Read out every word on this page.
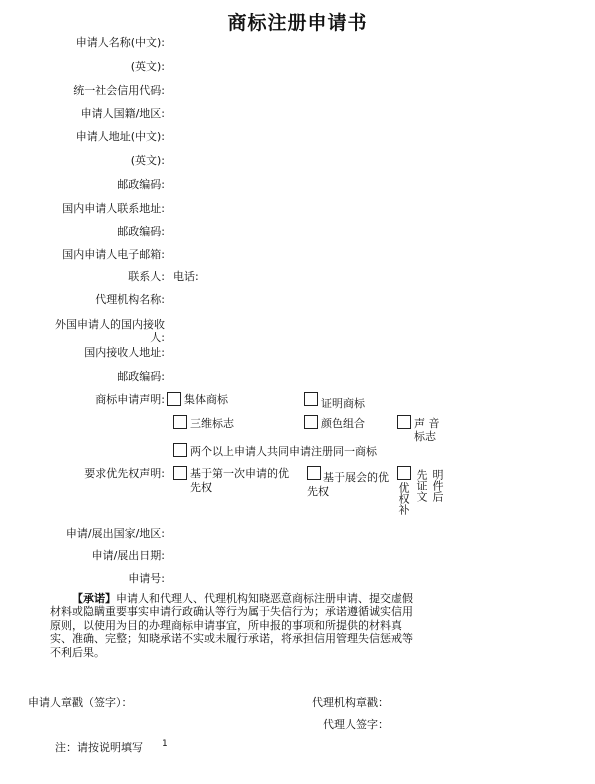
商标注册申请书
申请人名称(中文):
(英文):
统一社会信用代码:
申请人国籍/地区:
申请人地址(中文):
(英文):
邮政编码:
国内申请人联系地址:
邮政编码:
国内申请人电子邮箱:
联系人: 电话:
代理机构名称:
外国申请人的国内接收
人:
国内接收人地址:
邮政编码:
商标申请声明: 集体商标	证明商标
三维标志	颜色组合	声 音
标志
两个以上申请人共同申请注册同一商标
要求优先权声明: 基于第一次申请的优
先权
基于展会的优
先权	优权补 先证文 明件后
申请/展出国家/地区:
申请/展出日期:
申请号:
【承诺】申请人和代理人、代理机构知晓恶意商标注册申请、提交虚假材料或隐瞒重要事实申请行政确认等行为属于失信行为；承诺遵循诚实信用原则，以使用为目的办理商标申请事宜，所申报的事项和所提供的材料真实、准确、完整；知晓承诺不实或未履行承诺，将承担信用管理失信惩戒等不利后果。
申请人章戳（签字）：	代理机构章戳：
代理人签字：
注：请按说明填写 1
